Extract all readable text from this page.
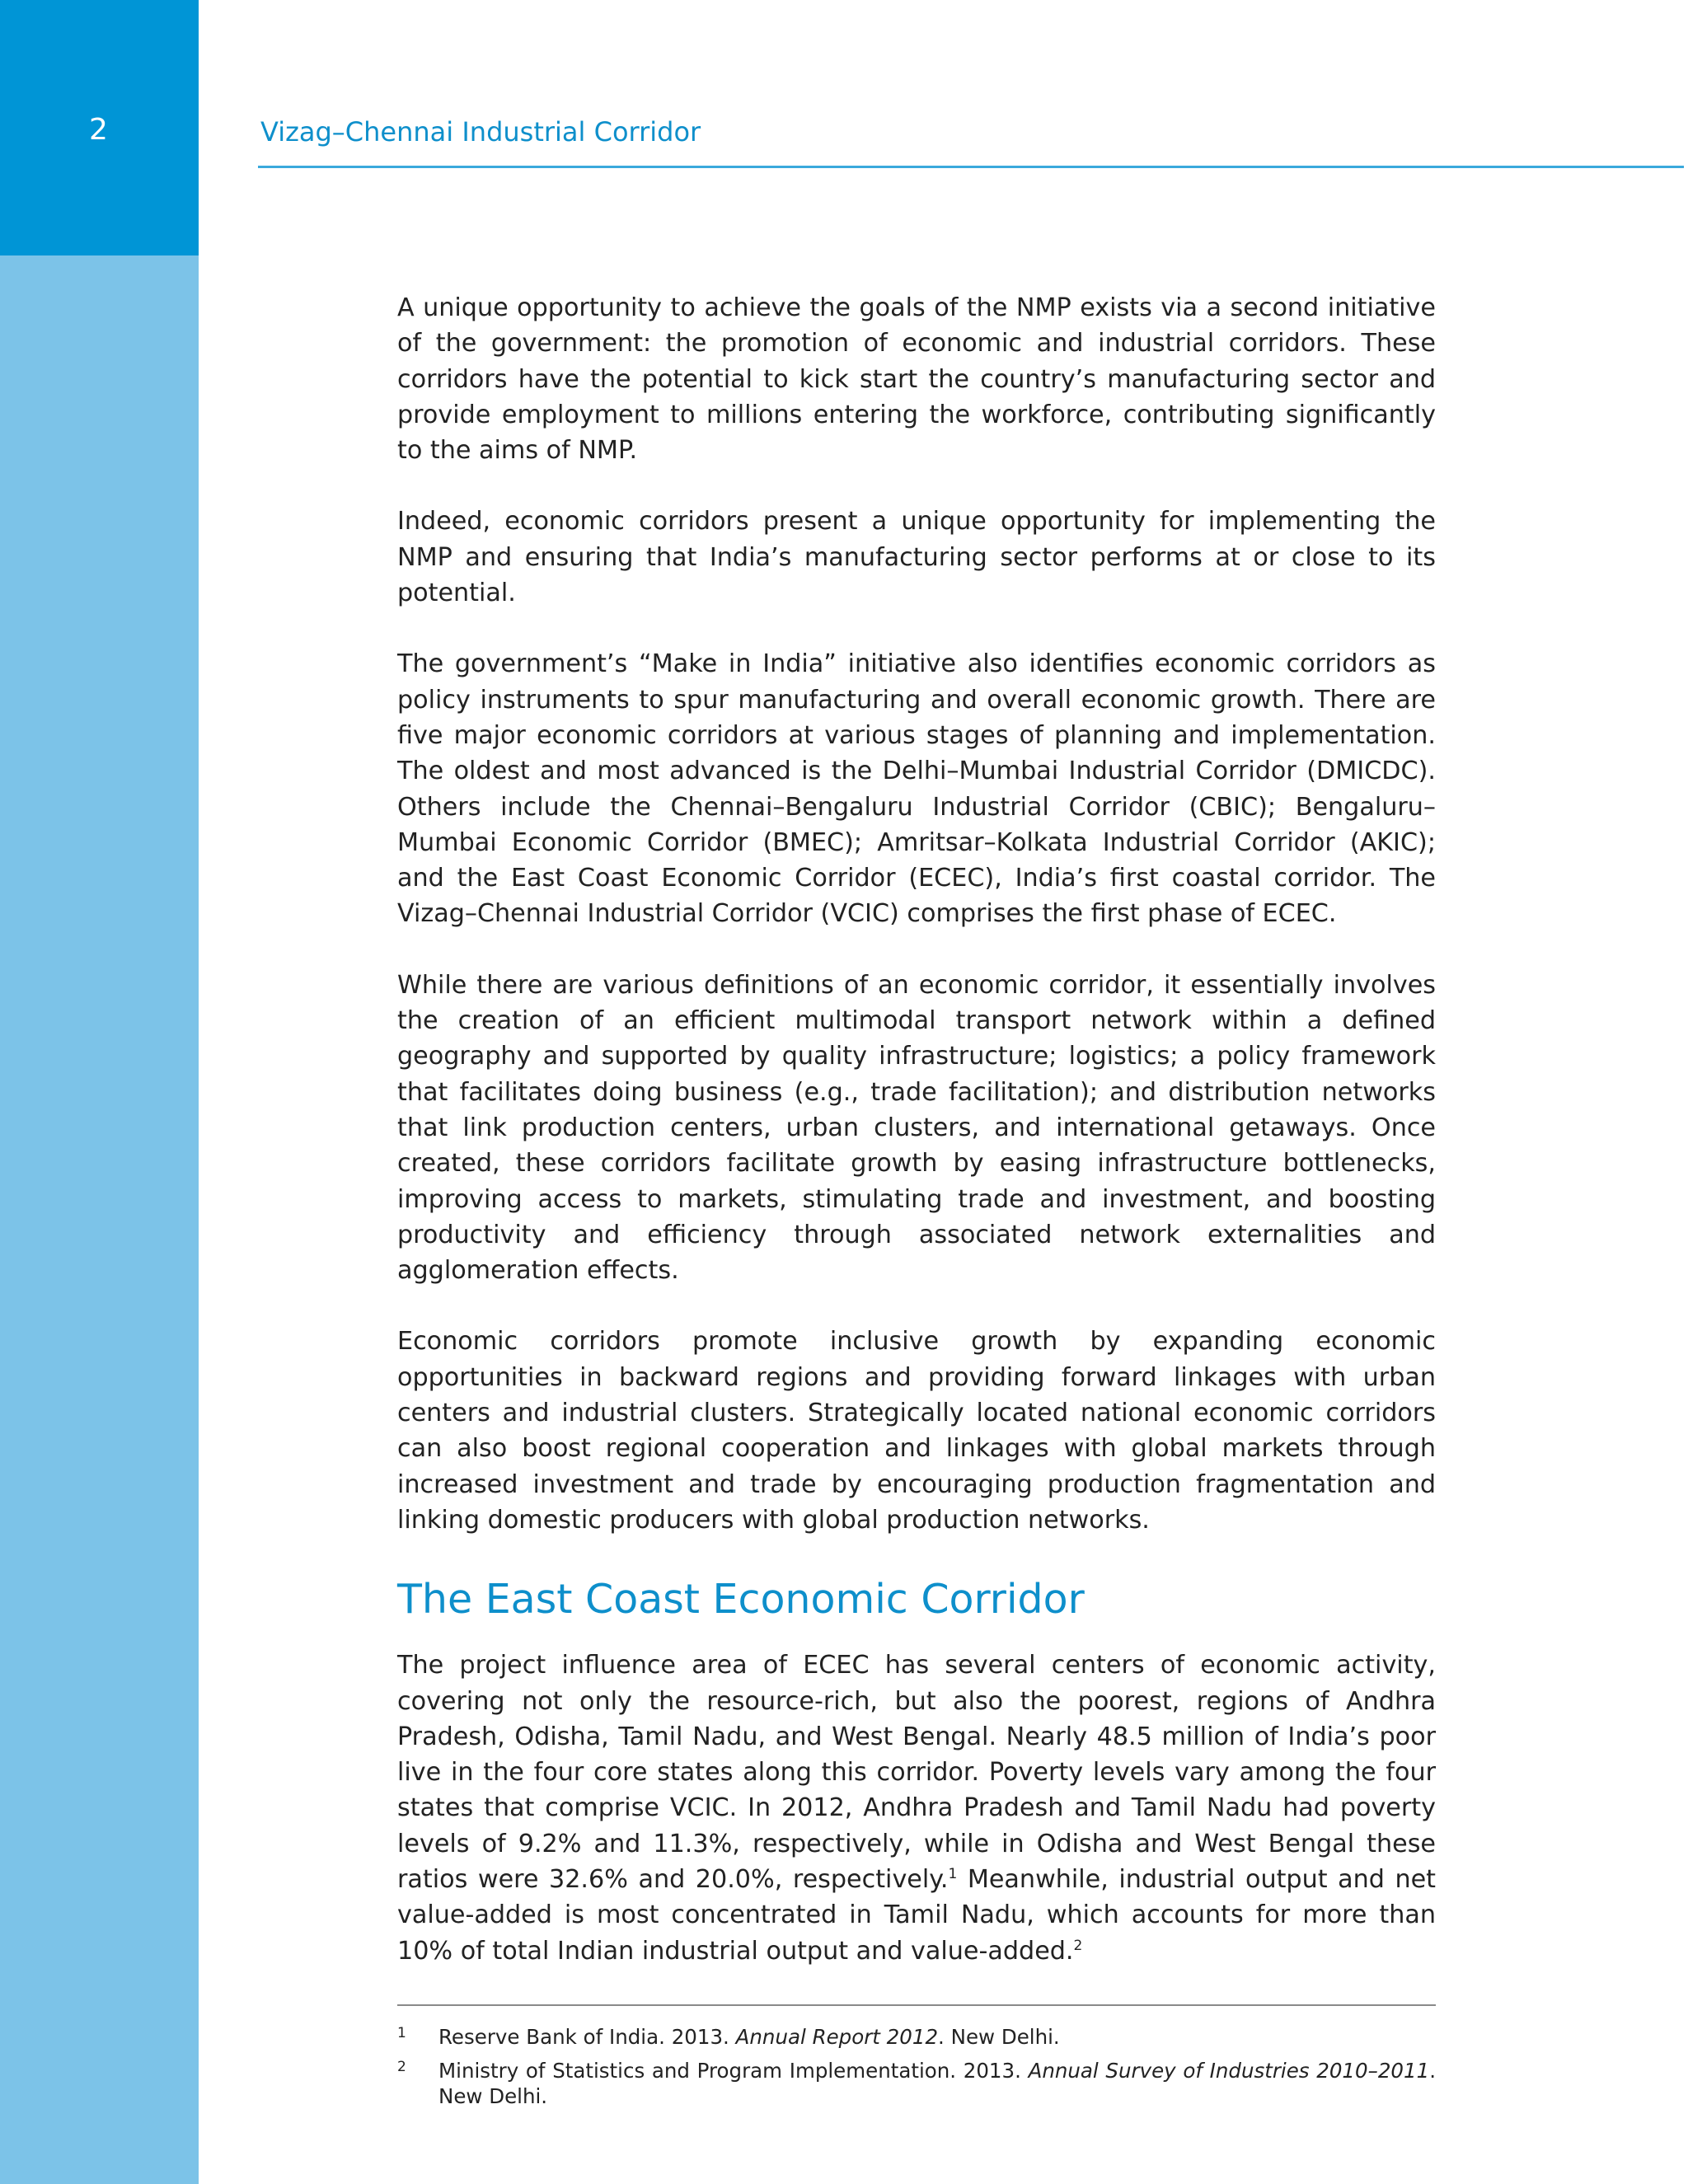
2	Vizag–Chennai Industrial Corridor

A unique opportunity to achieve the goals of the NMP exists via a second initiative of the government: the promotion of economic and industrial corridors. These corridors have the potential to kick start the country’s manufacturing sector and provide employment to millions entering the workforce, contributing significantly to the aims of NMP.

Indeed, economic corridors present a unique opportunity for implementing the NMP and ensuring that India’s manufacturing sector performs at or close to its potential.

The government’s “Make in India” initiative also identifies economic corridors as policy instruments to spur manufacturing and overall economic growth. There are five major economic corridors at various stages of planning and implementation. The oldest and most advanced is the Delhi–Mumbai Industrial Corridor (DMICDC). Others include the Chennai–Bengaluru Industrial Corridor (CBIC); Bengaluru–Mumbai Economic Corridor (BMEC); Amritsar–Kolkata Industrial Corridor (AKIC); and the East Coast Economic Corridor (ECEC), India’s first coastal corridor. The Vizag–Chennai Industrial Corridor (VCIC) comprises the first phase of ECEC.

While there are various definitions of an economic corridor, it essentially involves the creation of an efficient multimodal transport network within a defined geography and supported by quality infrastructure; logistics; a policy framework that facilitates doing business (e.g., trade facilitation); and distribution networks that link production centers, urban clusters, and international getaways. Once created, these corridors facilitate growth by easing infrastructure bottlenecks, improving access to markets, stimulating trade and investment, and boosting productivity and efficiency through associated network externalities and agglomeration effects.

Economic corridors promote inclusive growth by expanding economic opportunities in backward regions and providing forward linkages with urban centers and industrial clusters. Strategically located national economic corridors can also boost regional cooperation and linkages with global markets through increased investment and trade by encouraging production fragmentation and linking domestic producers with global production networks.

The East Coast Economic Corridor

The project influence area of ECEC has several centers of economic activity, covering not only the resource-rich, but also the poorest, regions of Andhra Pradesh, Odisha, Tamil Nadu, and West Bengal. Nearly 48.5 million of India’s poor live in the four core states along this corridor. Poverty levels vary among the four states that comprise VCIC. In 2012, Andhra Pradesh and Tamil Nadu had poverty levels of 9.2% and 11.3%, respectively, while in Odisha and West Bengal these ratios were 32.6% and 20.0%, respectively.$^1$ Meanwhile, industrial output and net value-added is most concentrated in Tamil Nadu, which accounts for more than 10% of total Indian industrial output and value-added.$^2$

1 Reserve Bank of India. 2013. Annual Report 2012. New Delhi.
2 Ministry of Statistics and Program Implementation. 2013. Annual Survey of Industries 2010–2011. New Delhi.
